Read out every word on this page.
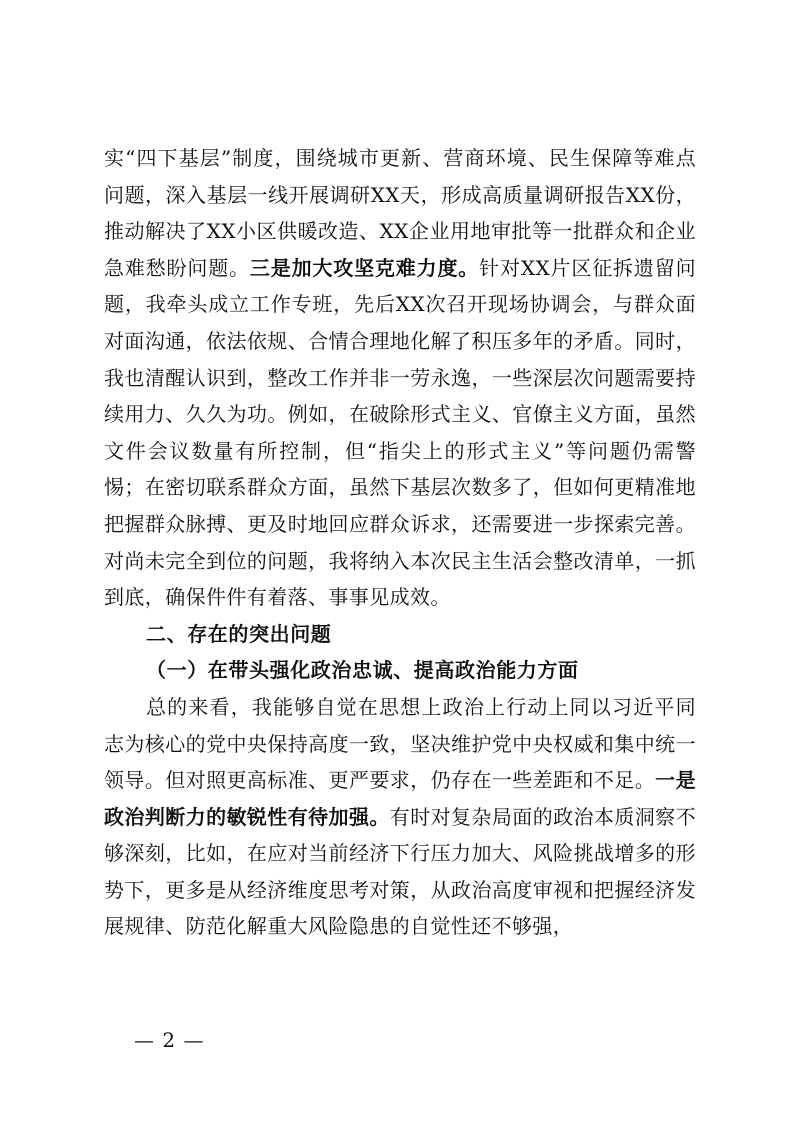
实“四下基层”制度，围绕城市更新、营商环境、民生保障等难点问题，深入基层一线开展调研XX天，形成高质量调研报告XX份，推动解决了XX小区供暖改造、XX企业用地审批等一批群众和企业急难愁盼问题。三是加大攻坚克难力度。针对XX片区征拆遗留问题，我牵头成立工作专班，先后XX次召开现场协调会，与群众面对面沟通，依法依规、合情合理地化解了积压多年的矛盾。同时，我也清醒认识到，整改工作并非一劳永逸，一些深层次问题需要持续用力、久久为功。例如，在破除形式主义、官僚主义方面，虽然文件会议数量有所控制，但“指尖上的形式主义”等问题仍需警惕；在密切联系群众方面，虽然下基层次数多了，但如何更精准地把握群众脉搏、更及时地回应群众诉求，还需要进一步探索完善。对尚未完全到位的问题，我将纳入本次民主生活会整改清单，一抓到底，确保件件有着落、事事见成效。

二、存在的突出问题
（一）在带头强化政治忠诚、提高政治能力方面

总的来看，我能够自觉在思想上政治上行动上同以习近平同志为核心的党中央保持高度一致，坚决维护党中央权威和集中统一领导。但对照更高标准、更严要求，仍存在一些差距和不足。一是政治判断力的敏锐性有待加强。有时对复杂局面的政治本质洞察不够深刻，比如，在应对当前经济下行压力加大、风险挑战增多的形势下，更多是从经济维度思考对策，从政治高度审视和把握经济发展规律、防范化解重大风险隐患的自觉性还不够强，

— 2 —
